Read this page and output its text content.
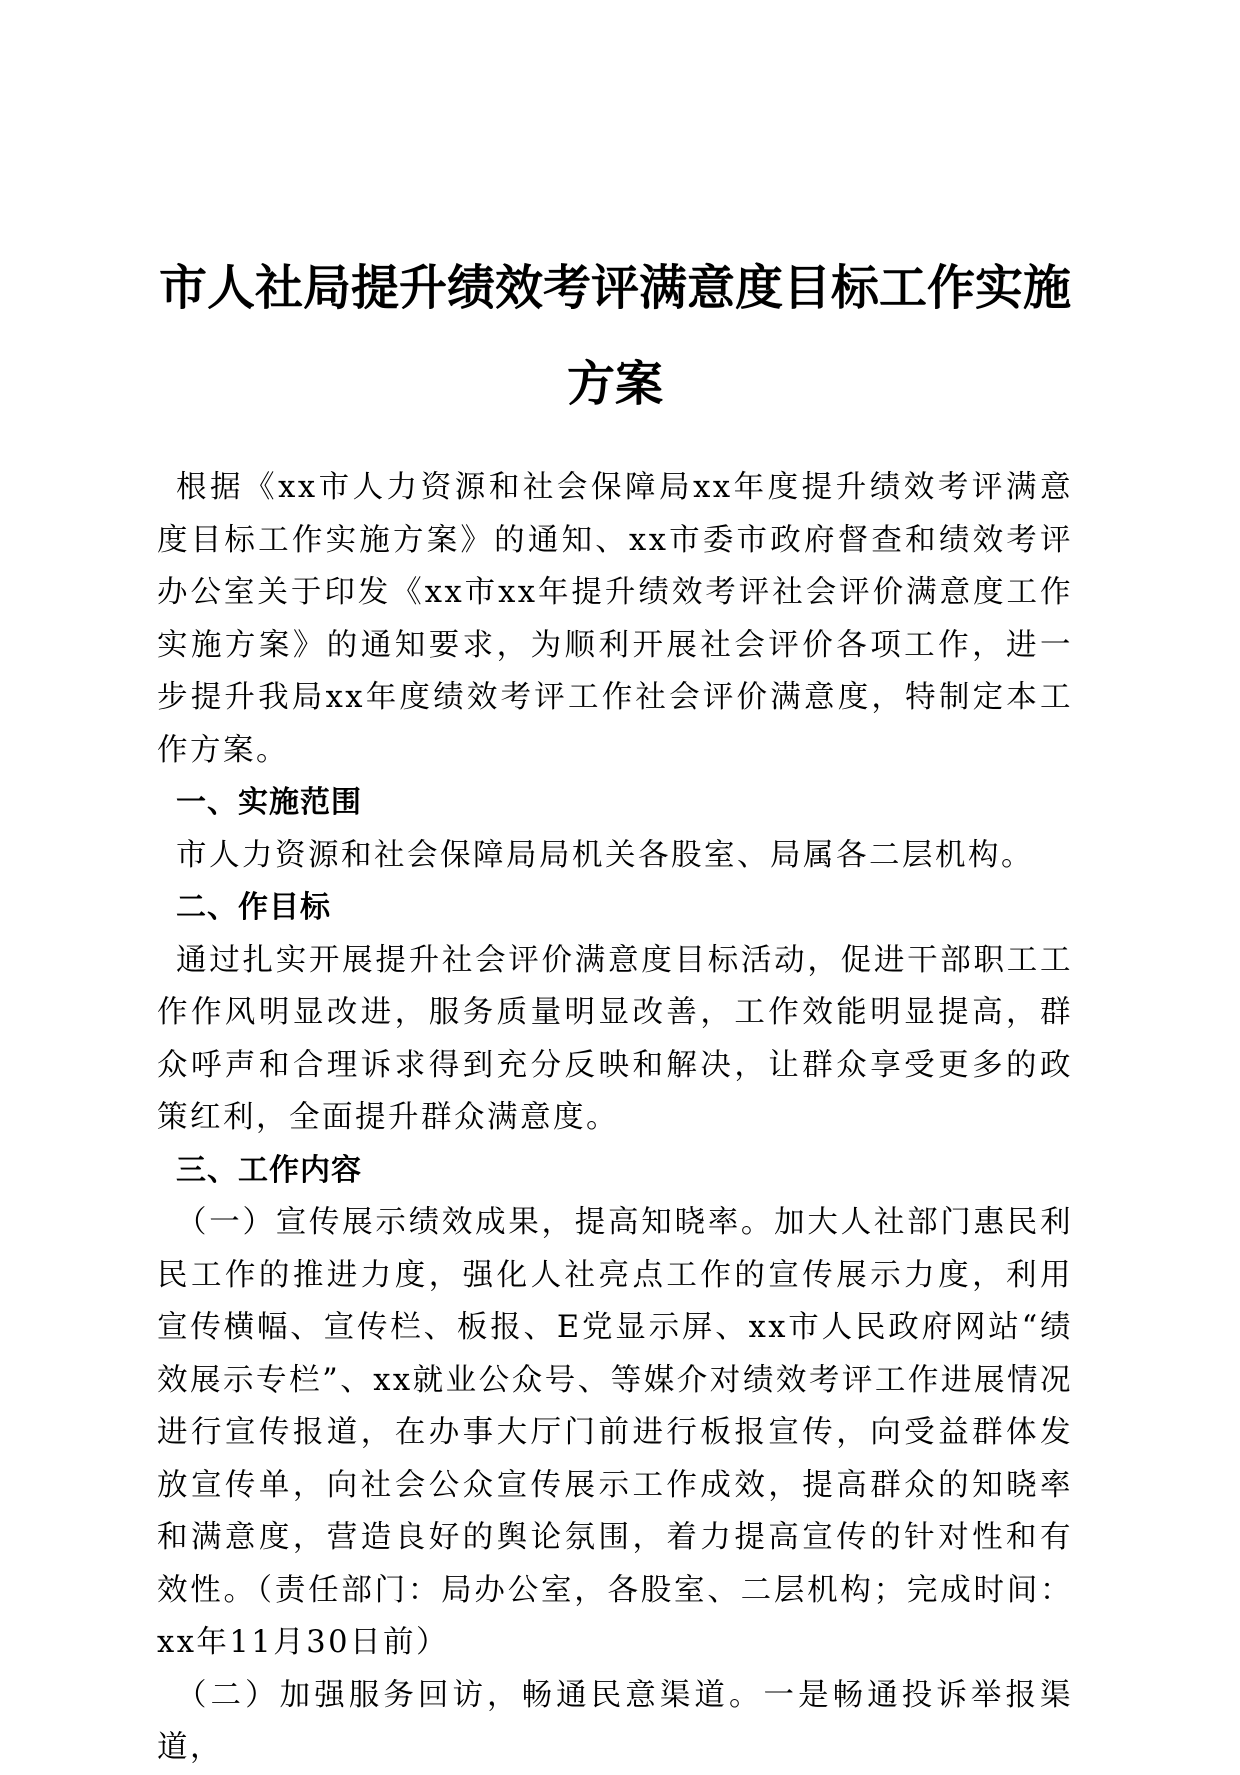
市人社局提升绩效考评满意度目标工作实施方案

根据《xx市人力资源和社会保障局xx年度提升绩效考评满意度目标工作实施方案》的通知、xx市委市政府督查和绩效考评办公室关于印发《xx市xx年提升绩效考评社会评价满意度工作实施方案》的通知要求，为顺利开展社会评价各项工作，进一步提升我局xx年度绩效考评工作社会评价满意度，特制定本工作方案。

一、实施范围

市人力资源和社会保障局局机关各股室、局属各二层机构。

二、作目标

通过扎实开展提升社会评价满意度目标活动，促进干部职工工作作风明显改进，服务质量明显改善，工作效能明显提高，群众呼声和合理诉求得到充分反映和解决，让群众享受更多的政策红利，全面提升群众满意度。

三、工作内容

（一）宣传展示绩效成果，提高知晓率。加大人社部门惠民利民工作的推进力度，强化人社亮点工作的宣传展示力度，利用宣传横幅、宣传栏、板报、E党显示屏、xx市人民政府网站“绩效展示专栏”、xx就业公众号、等媒介对绩效考评工作进展情况进行宣传报道，在办事大厅门前进行板报宣传，向受益群体发放宣传单，向社会公众宣传展示工作成效，提高群众的知晓率和满意度，营造良好的舆论氛围，着力提高宣传的针对性和有效性。（责任部门：局办公室，各股室、二层机构；完成时间：xx年11月30日前）

（二）加强服务回访，畅通民意渠道。一是畅通投诉举报渠道，
